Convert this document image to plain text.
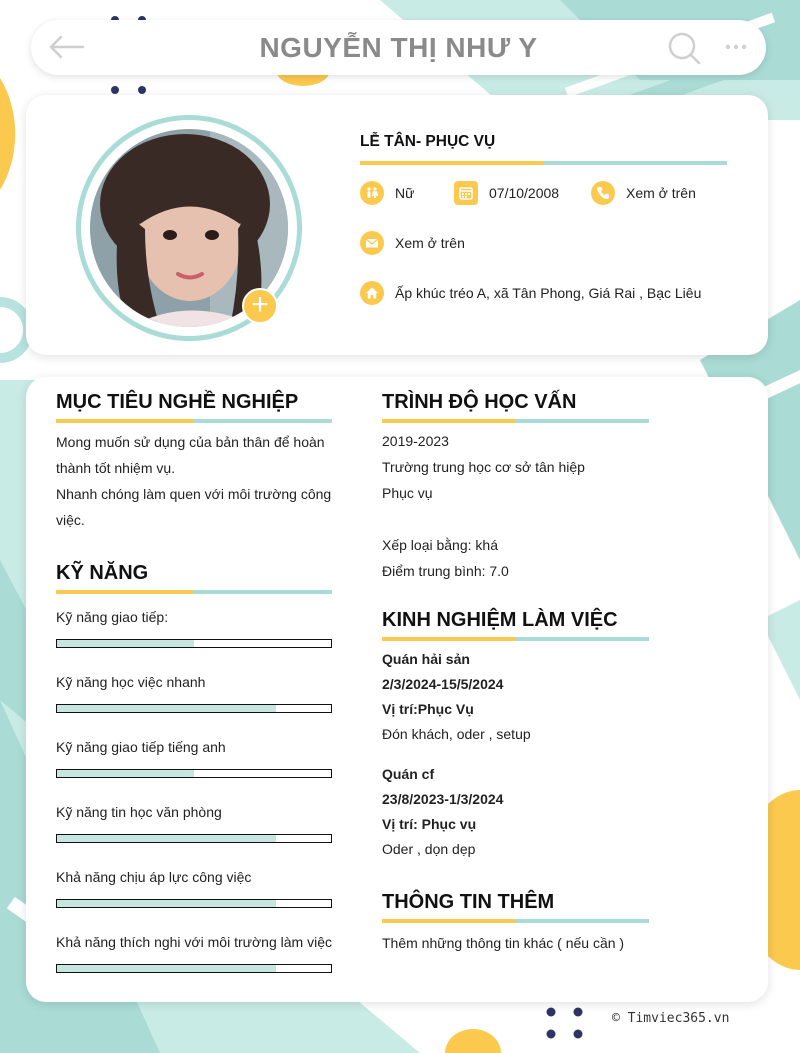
NGUYỄN THỊ NHƯ Y
+
LỄ TÂN- PHỤC VỤ
Nữ	07/10/2008	Xem ở trên
Xem ở trên
Ấp khúc tréo A, xã Tân Phong, Giá Rai , Bạc Liêu
MỤC TIÊU NGHỀ NGHIỆP
Mong muốn sử dụng của bản thân để hoàn
thành tốt nhiệm vụ.
Nhanh chóng làm quen với môi trường công
việc.
KỸ NĂNG
Kỹ năng giao tiếp:
Kỹ năng học việc nhanh
Kỹ năng giao tiếp tiếng anh
Kỹ năng tin học văn phòng
Khả năng chịu áp lực công việc
Khả năng thích nghi với môi trường làm việc
TRÌNH ĐỘ HỌC VẤN
2019-2023
Trường trung học cơ sở tân hiệp
Phục vụ
Xếp loại bằng: khá
Điểm trung bình: 7.0
KINH NGHIỆM LÀM VIỆC
Quán hải sản
2/3/2024-15/5/2024
Vị trí:Phục Vụ
Đón khách, oder , setup
Quán cf
23/8/2023-1/3/2024
Vị trí: Phục vụ
Oder , dọn dẹp
THÔNG TIN THÊM
Thêm những thông tin khác ( nếu cần )
© Timviec365.vn
